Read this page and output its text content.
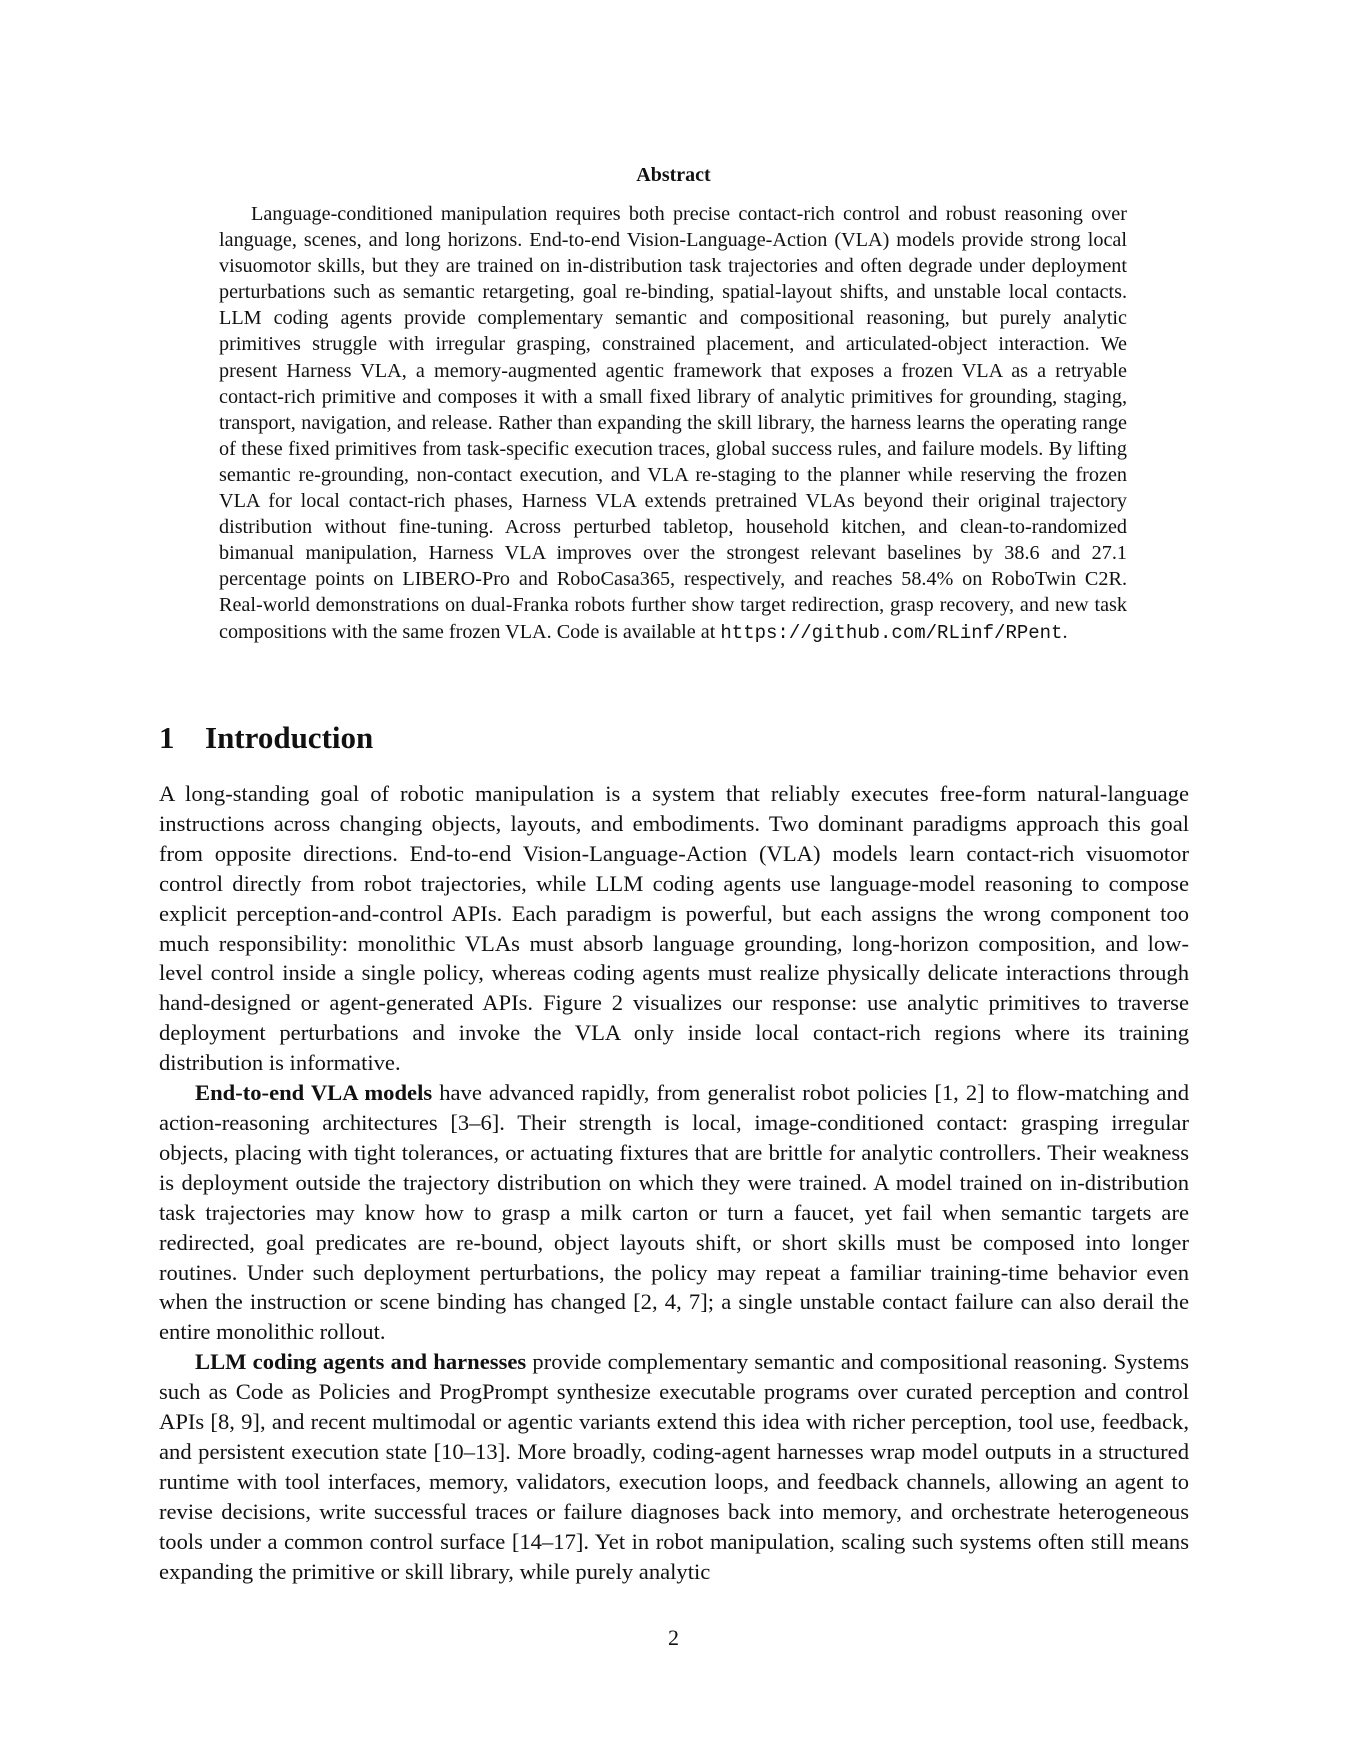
Abstract
Language-conditioned manipulation requires both precise contact-rich control and robust reasoning over language, scenes, and long horizons. End-to-end Vision-Language-Action (VLA) models provide strong local visuomotor skills, but they are trained on in-distribution task trajectories and often degrade under deployment perturbations such as semantic retargeting, goal re-binding, spatial-layout shifts, and unstable local contacts. LLM coding agents provide complementary semantic and compositional reasoning, but purely analytic primitives struggle with irregular grasping, constrained placement, and articulated-object interaction. We present Harness VLA, a memory-augmented agentic framework that exposes a frozen VLA as a retryable contact-rich primitive and composes it with a small fixed library of analytic primitives for grounding, staging, transport, navigation, and release. Rather than expanding the skill library, the harness learns the operating range of these fixed primitives from task-specific execution traces, global success rules, and failure models. By lifting semantic re-grounding, non-contact execution, and VLA re-staging to the planner while reserving the frozen VLA for local contact-rich phases, Harness VLA extends pretrained VLAs beyond their original trajectory distribution without fine-tuning. Across perturbed tabletop, household kitchen, and clean-to-randomized bimanual manipulation, Harness VLA improves over the strongest relevant baselines by 38.6 and 27.1 percentage points on LIBERO-Pro and RoboCasa365, respectively, and reaches 58.4% on RoboTwin C2R. Real-world demonstrations on dual-Franka robots further show target redirection, grasp recovery, and new task compositions with the same frozen VLA. Code is available at https://github.com/RLinf/RPent.
1 Introduction

A long-standing goal of robotic manipulation is a system that reliably executes free-form natural-language instructions across changing objects, layouts, and embodiments. Two dominant paradigms approach this goal from opposite directions. End-to-end Vision-Language-Action (VLA) models learn contact-rich visuomotor control directly from robot trajectories, while LLM coding agents use language-model reasoning to compose explicit perception-and-control APIs. Each paradigm is powerful, but each assigns the wrong component too much responsibility: monolithic VLAs must absorb language grounding, long-horizon composition, and low-level control inside a single policy, whereas coding agents must realize physically delicate interactions through hand-designed or agent-generated APIs. Figure 2 visualizes our response: use analytic primitives to traverse deployment perturbations and invoke the VLA only inside local contact-rich regions where its training distribution is informative.

End-to-end VLA models have advanced rapidly, from generalist robot policies [1, 2] to flow-matching and action-reasoning architectures [3–6]. Their strength is local, image-conditioned contact: grasping irregular objects, placing with tight tolerances, or actuating fixtures that are brittle for analytic controllers. Their weakness is deployment outside the trajectory distribution on which they were trained. A model trained on in-distribution task trajectories may know how to grasp a milk carton or turn a faucet, yet fail when semantic targets are redirected, goal predicates are re-bound, object layouts shift, or short skills must be composed into longer routines. Under such deployment perturbations, the policy may repeat a familiar training-time behavior even when the instruction or scene binding has changed [2, 4, 7]; a single unstable contact failure can also derail the entire monolithic rollout.

LLM coding agents and harnesses provide complementary semantic and compositional reasoning. Systems such as Code as Policies and ProgPrompt synthesize executable programs over curated perception and control APIs [8, 9], and recent multimodal or agentic variants extend this idea with richer perception, tool use, feedback, and persistent execution state [10–13]. More broadly, coding-agent harnesses wrap model outputs in a structured runtime with tool interfaces, memory, validators, execution loops, and feedback channels, allowing an agent to revise decisions, write successful traces or failure diagnoses back into memory, and orchestrate heterogeneous tools under a common control surface [14–17]. Yet in robot manipulation, scaling such systems often still means expanding the primitive or skill library, while purely analytic

2
